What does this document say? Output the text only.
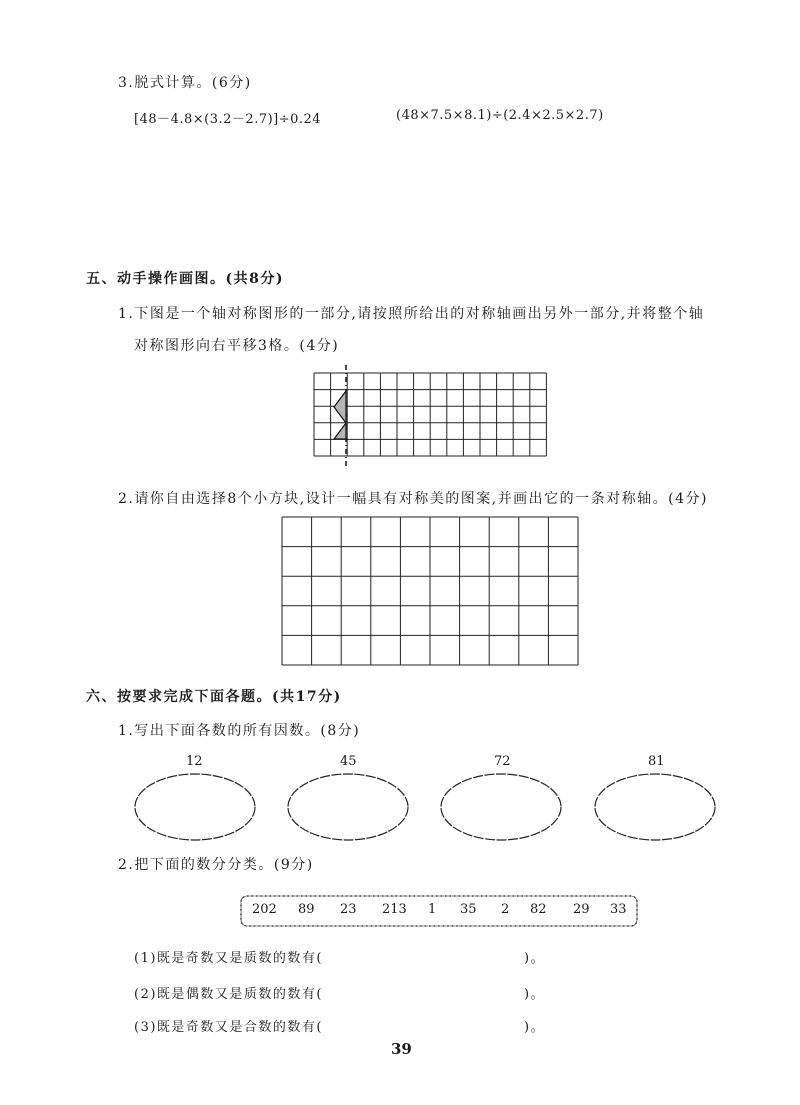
3.脱式计算。(6分)
[48－4.8×(3.2－2.7)]÷0.24	(48×7.5×8.1)÷(2.4×2.5×2.7)
五、动手操作画图。(共8分)
1.下图是一个轴对称图形的一部分,请按照所给出的对称轴画出另外一部分,并将整个轴
对称图形向右平移3格。(4分)
2.请你自由选择8个小方块,设计一幅具有对称美的图案,并画出它的一条对称轴。(4分)
六、按要求完成下面各题。(共17分)
1.写出下面各数的所有因数。(8分)
12	45	72	81
2.把下面的数分分类。(9分)
202 89 23 213 1 35 2 82 29 33
(1)既是奇数又是质数的数有(	)。
(2)既是偶数又是质数的数有(	)。
(3)既是奇数又是合数的数有(	)。
39
